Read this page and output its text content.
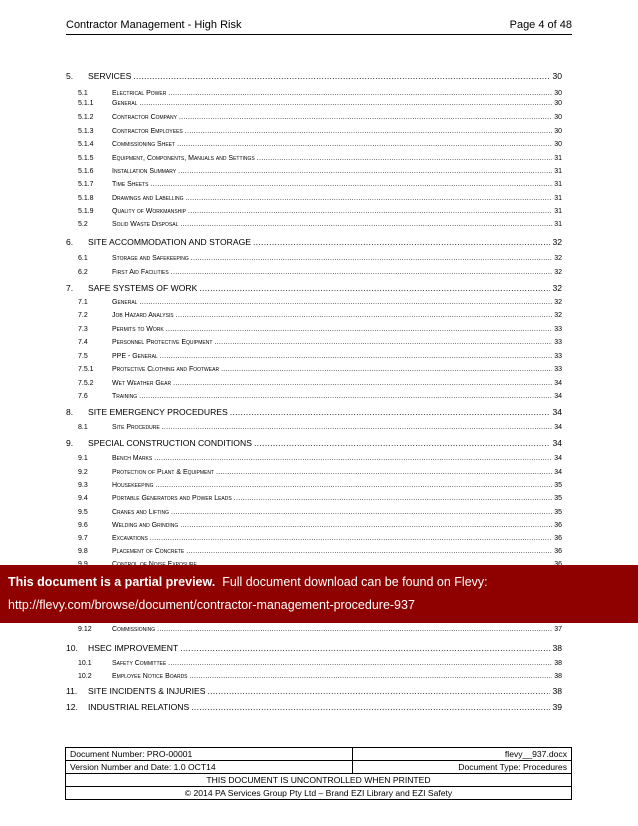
Contractor Management - High Risk	Page 4 of 48
5.	SERVICES .....	30
5.1	Electrical Power .....	30
5.1.1	General .....	30
5.1.2	Contractor Company .....	30
5.1.3	Contractor Employees .....	30
5.1.4	Commissioning Sheet .....	30
5.1.5	Equipment, Components, Manuals and Settings .....	31
5.1.6	Installation Summary .....	31
5.1.7	Time Sheets .....	31
5.1.8	Drawings and Labelling .....	31
5.1.9	Quality of Workmanship .....	31
5.2	Solid Waste Disposal .....	31
6.	SITE ACCOMMODATION AND STORAGE .....	32
6.1	Storage and Safekeeping .....	32
6.2	First Aid Facilities .....	32
7.	SAFE SYSTEMS OF WORK .....	32
7.1	General .....	32
7.2	Job Hazard Analysis .....	32
7.3	Permits to Work .....	33
7.4	Personnel Protective Equipment .....	33
7.5	PPE - General .....	33
7.5.1	Protective Clothing and Footwear .....	33
7.5.2	Wet Weather Gear .....	34
7.6	Training .....	34
8.	SITE EMERGENCY PROCEDURES .....	34
8.1	Site Procedure .....	34
9.	SPECIAL CONSTRUCTION CONDITIONS .....	34
9.1	Bench Marks .....	34
9.2	Protection of Plant & Equipment .....	34
9.3	Housekeeping .....	35
9.4	Portable Generators and Power Leads .....	35
9.5	Cranes and Lifting .....	35
9.6	Welding and Grinding .....	36
9.7	Excavations .....	36
9.8	Placement of Concrete .....	36
.....
9.12	Commissioning .....	37
10.	HSEC IMPROVEMENT .....	38
10.1	Safety Committee .....	38
10.2	Employee Notice Boards .....	38
11.	SITE INCIDENTS & INJURIES .....	38
12.	INDUSTRIAL RELATIONS .....	39
This document is a partial preview. Full document download can be found on Flevy:
http://flevy.com/browse/document/contractor-management-procedure-937
Document Number: PRO-00001	flevy__937.docx
Version Number and Date: 1.0 OCT14	Document Type: Procedures
THIS DOCUMENT IS UNCONTROLLED WHEN PRINTED	
© 2014 PA Services Group Pty Ltd – Brand EZI Library and EZI Safety	
